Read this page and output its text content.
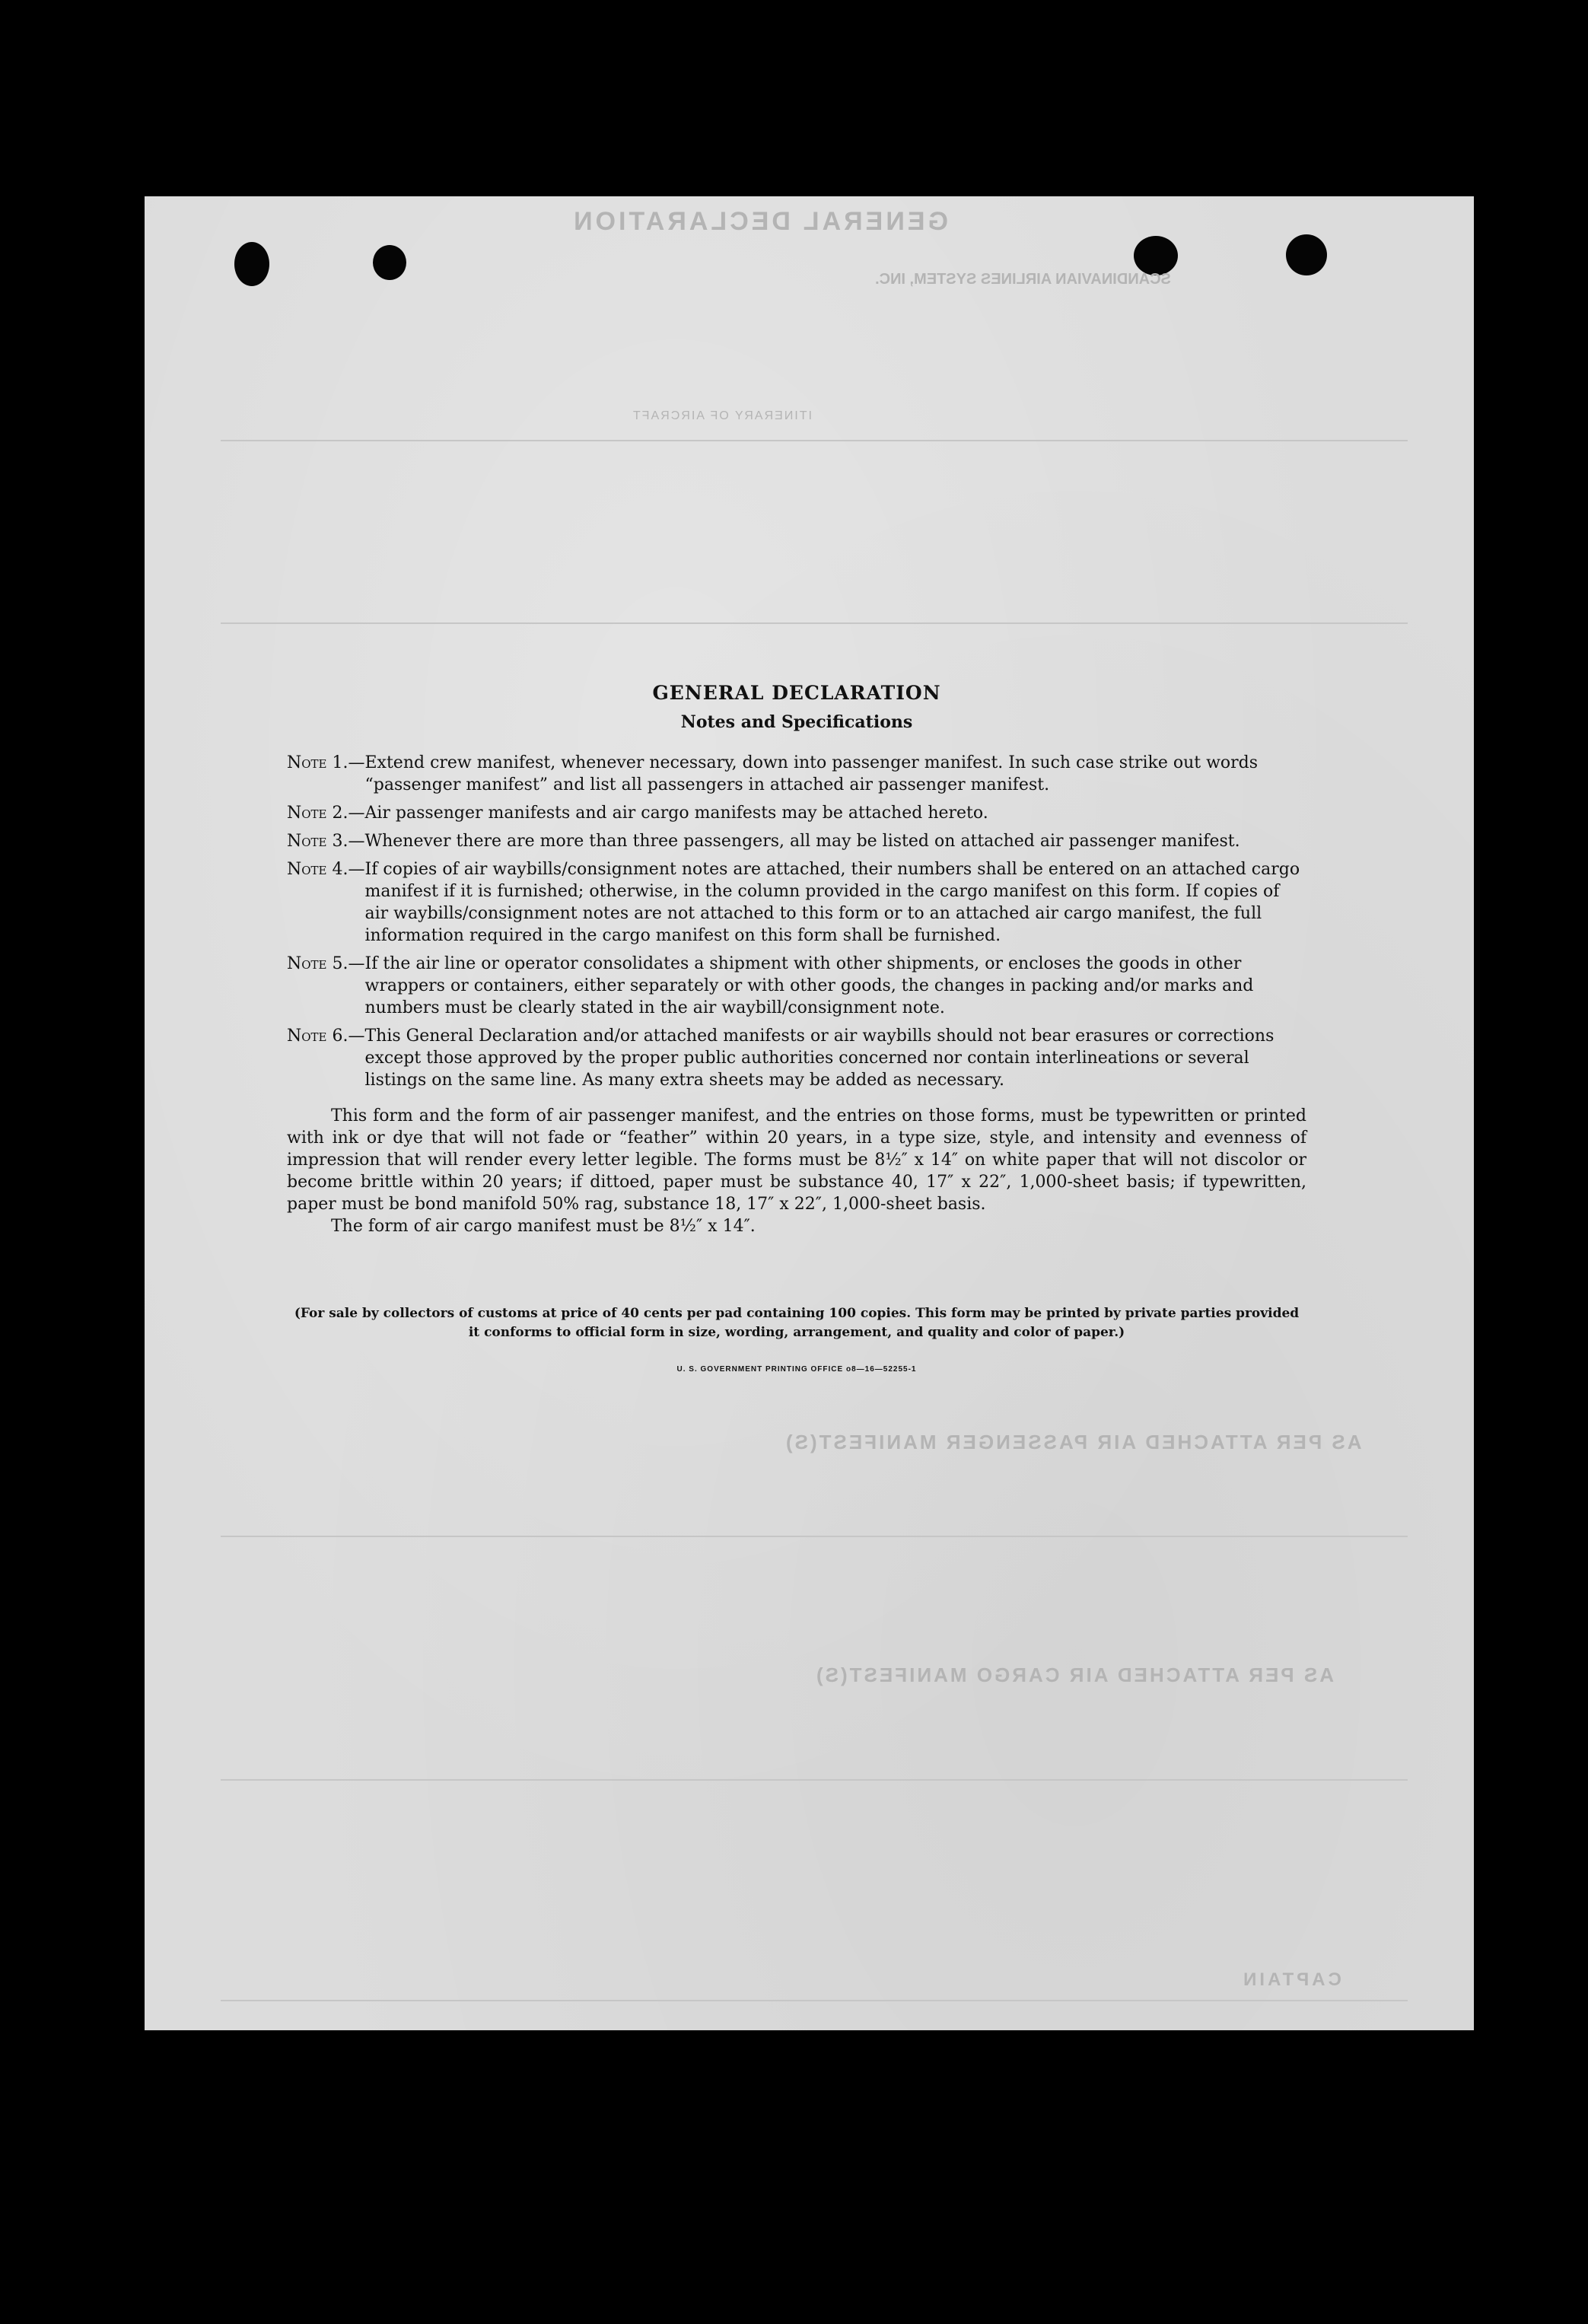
GENERAL DECLARATION
SCANDINAVIAN AIRLINES SYSTEM, INC.
ITINERARY OF AIRCRAFT
AS PER ATTACHED AIR PASSENGER MANIFEST(S)
AS PER ATTACHED AIR CARGO MANIFEST(S)
CAPTAIN

GENERAL DECLARATION

Notes and Specifications

Note 1.— Extend crew manifest, whenever necessary, down into passenger manifest. In such case strike out words “passenger manifest” and list all passengers in attached air passenger manifest.
Note 2.— Air passenger manifests and air cargo manifests may be attached hereto.
Note 3.— Whenever there are more than three passengers, all may be listed on attached air passenger manifest.
Note 4.— If copies of air waybills/consignment notes are attached, their numbers shall be entered on an attached cargo manifest if it is furnished; otherwise, in the column provided in the cargo manifest on this form. If copies of air waybills/consignment notes are not attached to this form or to an attached air cargo manifest, the full information required in the cargo manifest on this form shall be furnished.
Note 5.— If the air line or operator consolidates a shipment with other shipments, or encloses the goods in other wrappers or containers, either separately or with other goods, the changes in packing and/or marks and numbers must be clearly stated in the air waybill/consignment note.
Note 6.— This General Declaration and/or attached manifests or air waybills should not bear erasures or corrections except those approved by the proper public authorities concerned nor contain interlineations or several listings on the same line. As many extra sheets may be added as necessary.

This form and the form of air passenger manifest, and the entries on those forms, must be typewritten or printed with ink or dye that will not fade or “feather” within 20 years, in a type size, style, and intensity and evenness of impression that will render every letter legible. The forms must be 8½″ x 14″ on white paper that will not discolor or become brittle within 20 years; if dittoed, paper must be substance 40, 17″ x 22″, 1,000-sheet basis; if typewritten, paper must be bond manifold 50% rag, substance 18, 17″ x 22″, 1,000-sheet basis.

The form of air cargo manifest must be 8½″ x 14″.

(For sale by collectors of customs at price of 40 cents per pad containing 100 copies. This form may be printed by private parties provided it conforms to official form in size, wording, arrangement, and quality and color of paper.)

U. S. GOVERNMENT PRINTING OFFICE o8—16—52255-1
